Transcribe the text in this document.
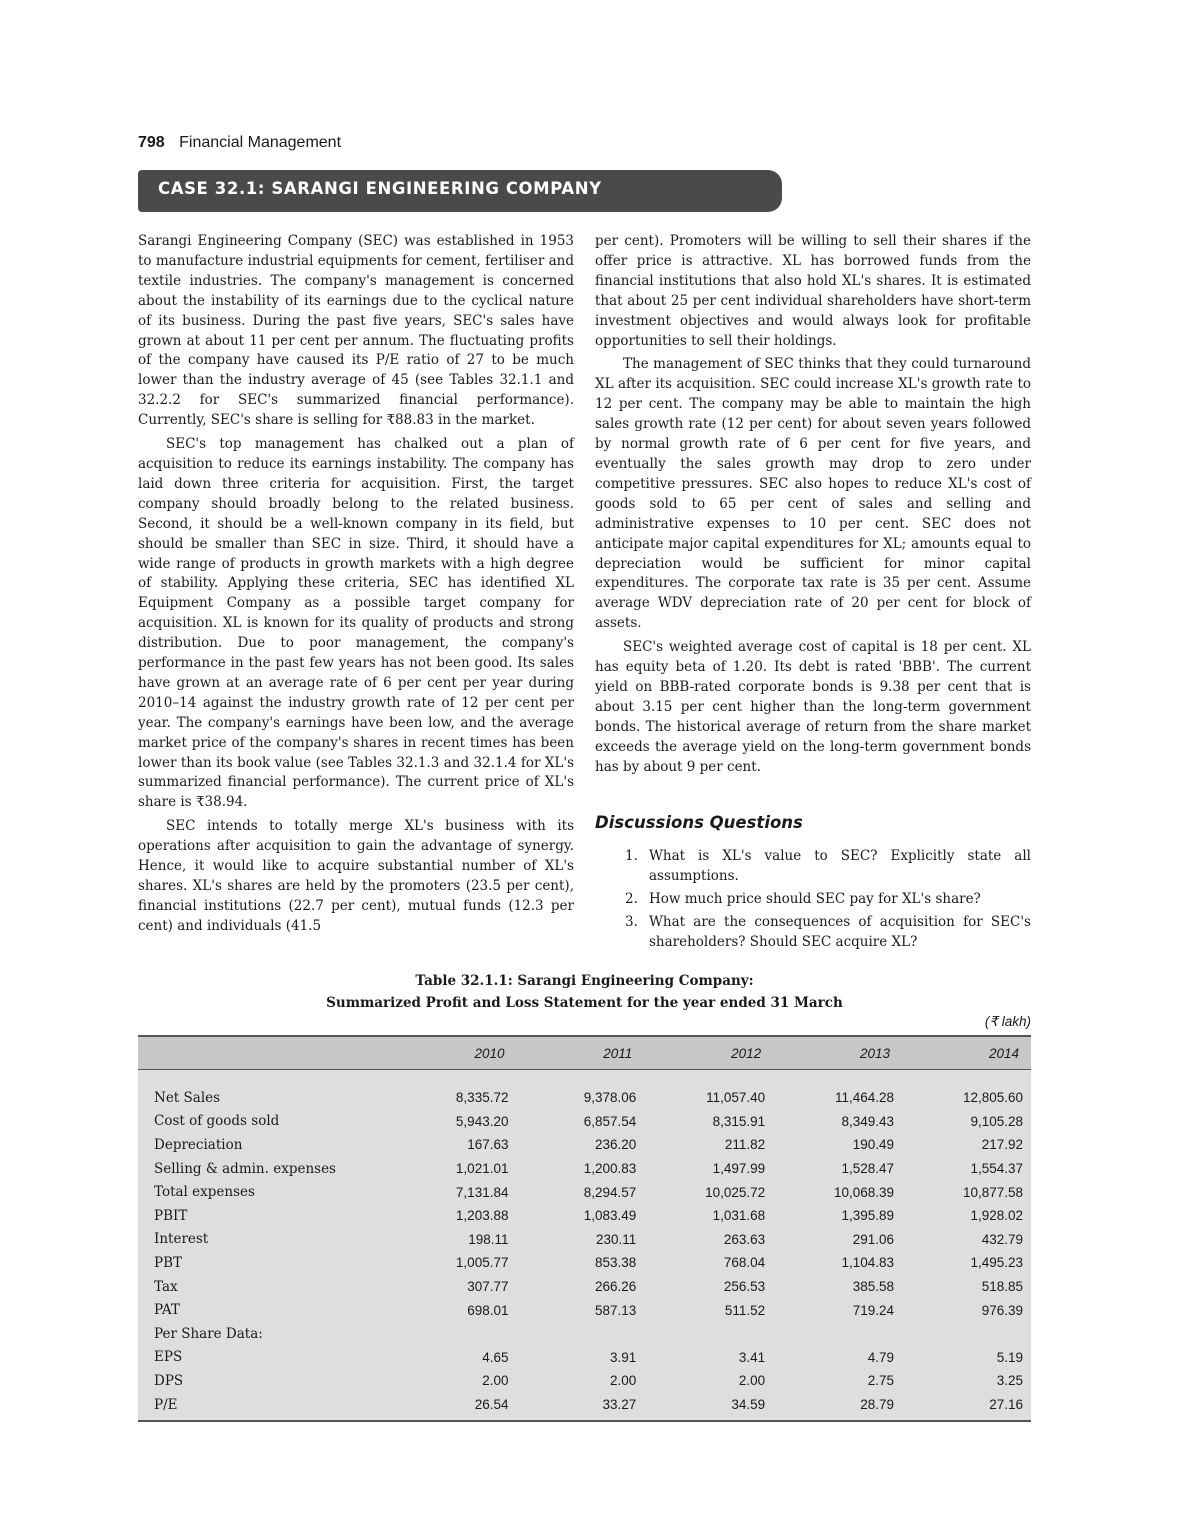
798 Financial Management
CASE 32.1: SARANGI ENGINEERING COMPANY

Sarangi Engineering Company (SEC) was established in 1953 to manufacture industrial equipments for cement, fertiliser and textile industries. The company's management is concerned about the instability of its earnings due to the cyclical nature of its business. During the past five years, SEC's sales have grown at about 11 per cent per annum. The fluctuating profits of the company have caused its P/E ratio of 27 to be much lower than the industry average of 45 (see Tables 32.1.1 and 32.2.2 for SEC's summarized financial performance). Currently, SEC's share is selling for ₹88.83 in the market.

SEC's top management has chalked out a plan of acquisition to reduce its earnings instability. The company has laid down three criteria for acquisition. First, the target company should broadly belong to the related business. Second, it should be a well-known company in its field, but should be smaller than SEC in size. Third, it should have a wide range of products in growth markets with a high degree of stability. Applying these criteria, SEC has identified XL Equipment Company as a possible target company for acquisition. XL is known for its quality of products and strong distribution. Due to poor management, the company's performance in the past few years has not been good. Its sales have grown at an average rate of 6 per cent per year during 2010–14 against the industry growth rate of 12 per cent per year. The company's earnings have been low, and the average market price of the company's shares in recent times has been lower than its book value (see Tables 32.1.3 and 32.1.4 for XL's summarized financial performance). The current price of XL's share is ₹38.94.

SEC intends to totally merge XL's business with its operations after acquisition to gain the advantage of synergy. Hence, it would like to acquire substantial number of XL's shares. XL's shares are held by the promoters (23.5 per cent), financial institutions (22.7 per cent), mutual funds (12.3 per cent) and individuals (41.5

per cent). Promoters will be willing to sell their shares if the offer price is attractive. XL has borrowed funds from the financial institutions that also hold XL's shares. It is estimated that about 25 per cent individual shareholders have short-term investment objectives and would always look for profitable opportunities to sell their holdings.

The management of SEC thinks that they could turnaround XL after its acquisition. SEC could increase XL's growth rate to 12 per cent. The company may be able to maintain the high sales growth rate (12 per cent) for about seven years followed by normal growth rate of 6 per cent for five years, and eventually the sales growth may drop to zero under competitive pressures. SEC also hopes to reduce XL's cost of goods sold to 65 per cent of sales and selling and administrative expenses to 10 per cent. SEC does not anticipate major capital expenditures for XL; amounts equal to depreciation would be sufficient for minor capital expenditures. The corporate tax rate is 35 per cent. Assume average WDV depreciation rate of 20 per cent for block of assets.

SEC's weighted average cost of capital is 18 per cent. XL has equity beta of 1.20. Its debt is rated 'BBB'. The current yield on BBB-rated corporate bonds is 9.38 per cent that is about 3.15 per cent higher than the long-term government bonds. The historical average of return from the share market exceeds the average yield on the long-term government bonds has by about 9 per cent.

Discussions Questions
1. What is XL's value to SEC? Explicitly state all assumptions.
2. How much price should SEC pay for XL's share?
3. What are the consequences of acquisition for SEC's shareholders? Should SEC acquire XL?
Table 32.1.1: Sarangi Engineering Company:
Summarized Profit and Loss Statement for the year ended 31 March
(₹ lakh)
	2010		2011		2012		2013		2014	

Net Sales	8,335.72		9,378.06		11,057.40		11,464.28		12,805.60	
Cost of goods sold	5,943.20		6,857.54		8,315.91		8,349.43		9,105.28	
Depreciation	167.63		236.20		211.82		190.49		217.92	
Selling & admin. expenses	1,021.01		1,200.83		1,497.99		1,528.47		1,554.37	
Total expenses	7,131.84		8,294.57		10,025.72		10,068.39		10,877.58	
PBIT	1,203.88		1,083.49		1,031.68		1,395.89		1,928.02	
Interest	198.11		230.11		263.63		291.06		432.79	
PBT	1,005.77		853.38		768.04		1,104.83		1,495.23	
Tax	307.77		266.26		256.53		385.58		518.85	
PAT	698.01		587.13		511.52		719.24		976.39	
Per Share Data:										
EPS	4.65		3.91		3.41		4.79		5.19	
DPS	2.00		2.00		2.00		2.75		3.25	
P/E	26.54		33.27		34.59		28.79		27.16	
